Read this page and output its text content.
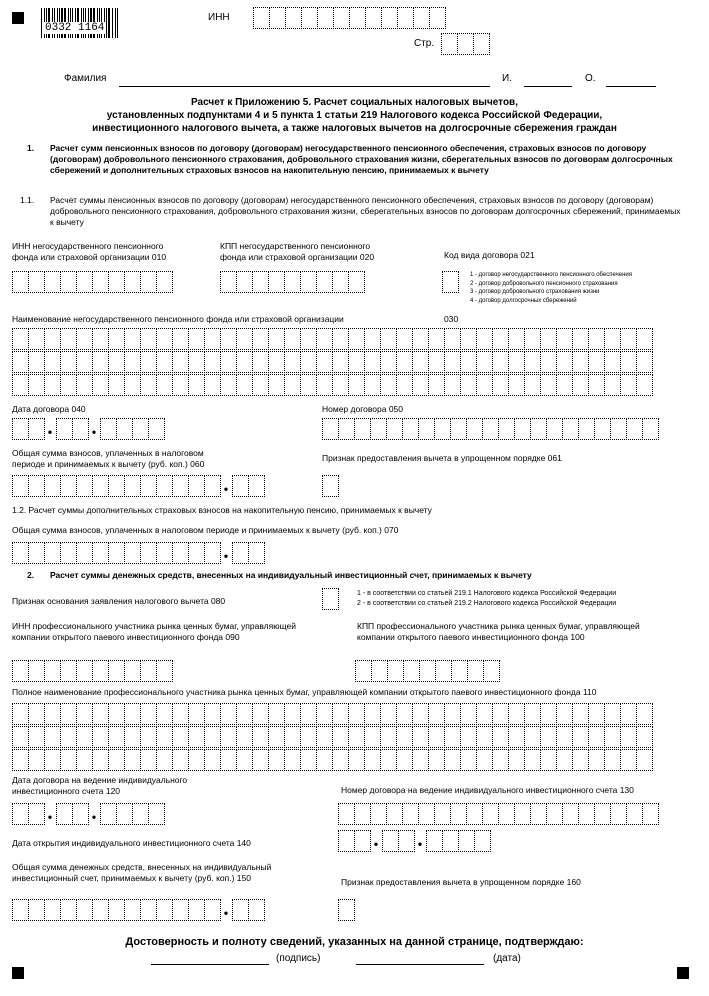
0332 1164
ИНН
Стр.
Фамилия	И.	О.
Расчет к Приложению 5. Расчет социальных налоговых вычетов,
установленных подпунктами 4 и 5 пункта 1 статьи 219 Налогового кодекса Российской Федерации,
инвестиционного налогового вычета, а также налоговых вычетов на долгосрочные сбережения граждан
1. Расчет сумм пенсионных взносов по договору (договорам) негосударственного пенсионного обеспечения, страховых взносов по договору (договорам) добровольного пенсионного страхования, добровольного страхования жизни, сберегательных взносов по договорам долгосрочных сбережений и дополнительных страховых взносов на накопительную пенсию, принимаемых к вычету
1.1. Расчет суммы пенсионных взносов по договору (договорам) негосударственного пенсионного обеспечения, страховых взносов по договору (договорам) добровольного пенсионного страхования, добровольного страхования жизни, сберегательных взносов по договорам долгосрочных сбережений, принимаемых к вычету
ИНН негосударственного пенсионного
фонда или страховой организации 010
КПП негосударственного пенсионного
фонда или страховой организации 020	Код вида договора 021
1 - договор негосударственного пенсионного обеспечения
2 - договор добровольного пенсионного страхования
3 - договор добровольного страхования жизни
4 - договор долгосрочных сбережений
Наименование негосударственного пенсионного фонда или страховой организации	030
Дата договора 040
•	•
Номер договора 050
Общая сумма взносов, уплаченных в налоговом
периоде и принимаемых к вычету (руб. коп.) 060
•
Признак предоставления вычета в упрощенном порядке 061
1.2. Расчет суммы дополнительных страховых взносов на накопительную пенсию, принимаемых к вычету
Общая сумма взносов, уплаченных в налоговом периоде и принимаемых к вычету (руб. коп.) 070
•
2. Расчет суммы денежных средств, внесенных на индивидуальный инвестиционный счет, принимаемых к вычету
Признак основания заявления налогового вычета 080
1 - в соответствии со статьей 219.1 Налогового кодекса Российской Федерации
2 - в соответствии со статьей 219.2 Налогового кодекса Российской Федерации
ИНН профессионального участника рынка ценных бумаг, управляющей
компании открытого паевого инвестиционного фонда 090
КПП профессионального участника рынка ценных бумаг, управляющей
компании открытого паевого инвестиционного фонда 100
Полное наименование профессионального участника рынка ценных бумаг, управляющей компании открытого паевого инвестиционного фонда 110
Дата договора на ведение индивидуального
инвестиционного счета 120
•	•
Номер договора на ведение индивидуального инвестиционного счета 130
Дата открытия индивидуального инвестиционного счета 140	•	•
Общая сумма денежных средств, внесенных на индивидуальный
инвестиционный счет, принимаемых к вычету (руб. коп.) 150
•
Признак предоставления вычета в упрощенном порядке 160
Достоверность и полноту сведений, указанных на данной странице, подтверждаю:
(подпись)	(дата)
